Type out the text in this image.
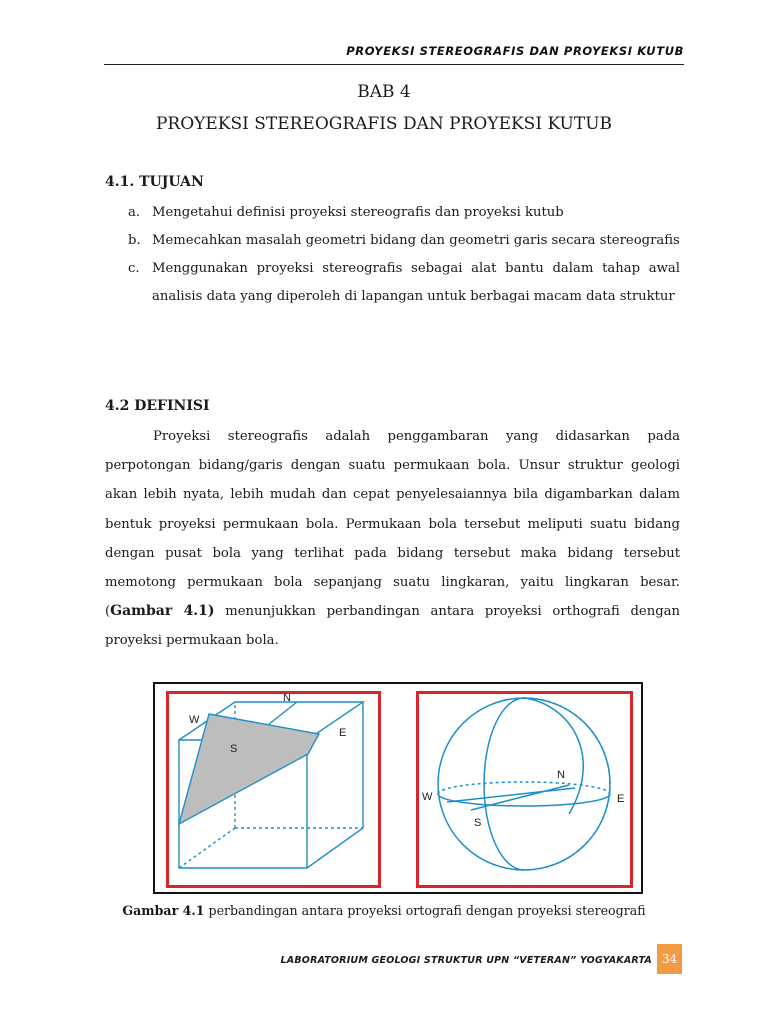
PROYEKSI STEREOGRAFIS DAN PROYEKSI KUTUB
BAB 4
PROYEKSI STEREOGRAFIS DAN PROYEKSI KUTUB
4.1. TUJUAN
a. Mengetahui definisi proyeksi stereografis dan proyeksi kutub
b. Memecahkan masalah geometri bidang dan geometri garis secara stereografis
c. Menggunakan proyeksi stereografis sebagai alat bantu dalam tahap awal analisis data yang diperoleh di lapangan untuk berbagai macam data struktur
4.2 DEFINISI
Proyeksi stereografis adalah penggambaran yang didasarkan pada perpotongan bidang/garis dengan suatu permukaan bola. Unsur struktur geologi akan lebih nyata, lebih mudah dan cepat penyelesaiannya bila digambarkan dalam bentuk proyeksi permukaan bola. Permukaan bola tersebut meliputi suatu bidang dengan pusat bola yang terlihat pada bidang tersebut maka bidang tersebut memotong permukaan bola sepanjang suatu lingkaran, yaitu lingkaran besar. (Gambar 4.1) menunjukkan perbandingan antara proyeksi orthografi dengan proyeksi permukaan bola.
N
W
E
S
W	E
N
S
Gambar 4.1 perbandingan antara proyeksi ortografi dengan proyeksi stereografi
LABORATORIUM GEOLOGI STRUKTUR UPN “VETERAN” YOGYAKARTA 34
